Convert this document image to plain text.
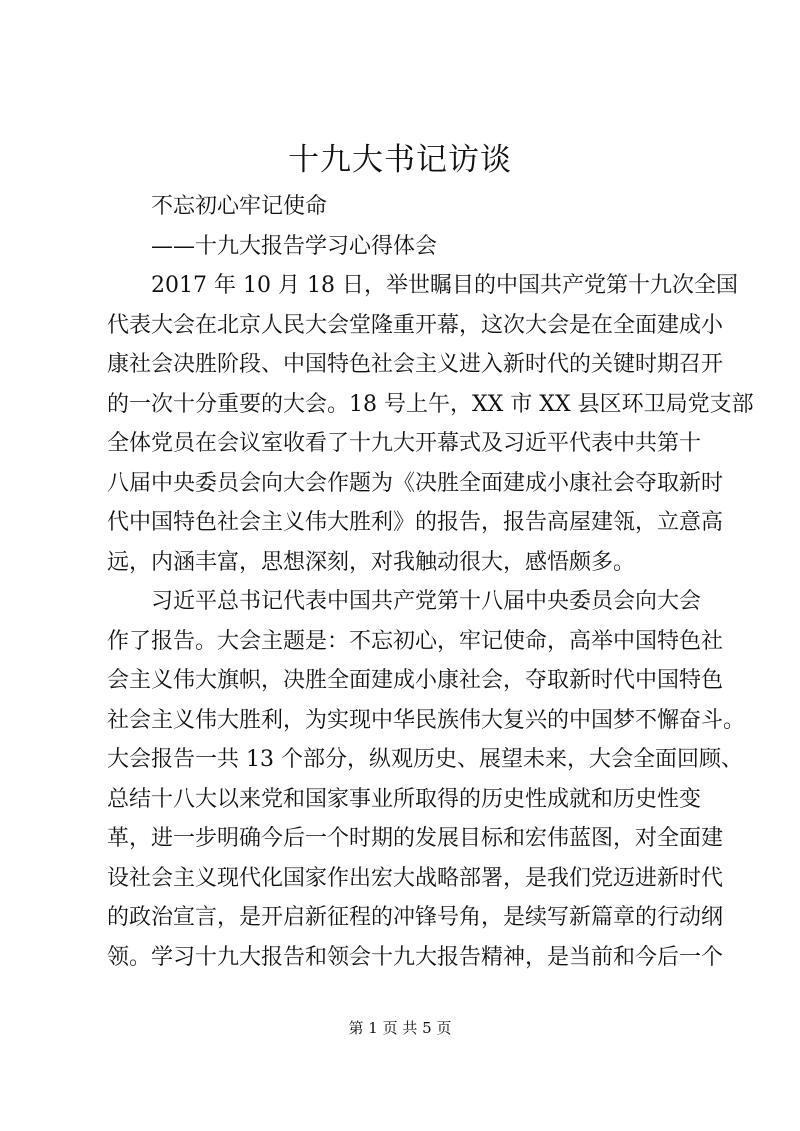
十九大书记访谈
不忘初心牢记使命
——十九大报告学习心得体会
2017 年 10 月 18 日，举世瞩目的中国共产党第十九次全国
代表大会在北京人民大会堂隆重开幕，这次大会是在全面建成小
康社会决胜阶段、中国特色社会主义进入新时代的关键时期召开
的一次十分重要的大会。18 号上午，XX 市 XX 县区环卫局党支部
全体党员在会议室收看了十九大开幕式及习近平代表中共第十
八届中央委员会向大会作题为《决胜全面建成小康社会夺取新时
代中国特色社会主义伟大胜利》的报告，报告高屋建瓴，立意高
远，内涵丰富，思想深刻，对我触动很大，感悟颇多。
习近平总书记代表中国共产党第十八届中央委员会向大会
作了报告。大会主题是：不忘初心，牢记使命，高举中国特色社
会主义伟大旗帜，决胜全面建成小康社会，夺取新时代中国特色
社会主义伟大胜利，为实现中华民族伟大复兴的中国梦不懈奋斗。
大会报告一共 13 个部分，纵观历史、展望未来，大会全面回顾、
总结十八大以来党和国家事业所取得的历史性成就和历史性变
革，进一步明确今后一个时期的发展目标和宏伟蓝图，对全面建
设社会主义现代化国家作出宏大战略部署，是我们党迈进新时代
的政治宣言，是开启新征程的冲锋号角，是续写新篇章的行动纲
领。学习十九大报告和领会十九大报告精神，是当前和今后一个
第 1 页 共 5 页
